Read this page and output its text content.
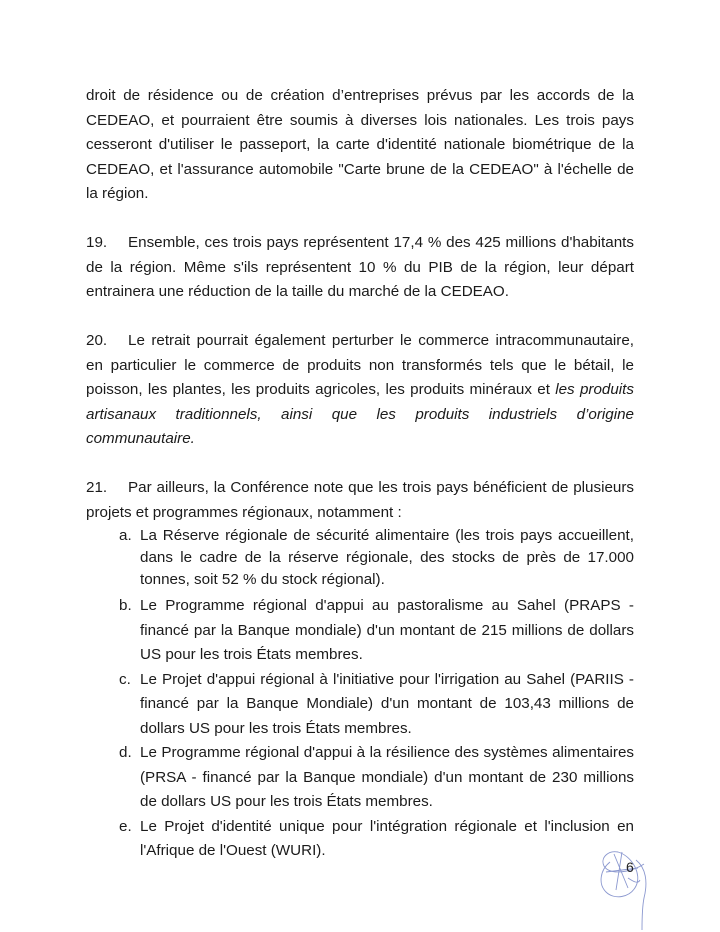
droit de résidence ou de création d’entreprises prévus par les accords de la CEDEAO, et pourraient être soumis à diverses lois nationales. Les trois pays cesseront d'utiliser le passeport, la carte d'identité nationale biométrique de la CEDEAO, et l'assurance automobile "Carte brune de la CEDEAO" à l'échelle de la région.

19. Ensemble, ces trois pays représentent 17,4 % des 425 millions d'habitants de la région. Même s'ils représentent 10 % du PIB de la région, leur départ entrainera une réduction de la taille du marché de la CEDEAO.

20. Le retrait pourrait également perturber le commerce intracommunautaire, en particulier le commerce de produits non transformés tels que le bétail, le poisson, les plantes, les produits agricoles, les produits minéraux et les produits artisanaux traditionnels, ainsi que les produits industriels d’origine communautaire.

21. Par ailleurs, la Conférence note que les trois pays bénéficient de plusieurs projets et programmes régionaux, notamment :

a. La Réserve régionale de sécurité alimentaire (les trois pays accueillent, dans le cadre de la réserve régionale, des stocks de près de 17.000 tonnes, soit 52 % du stock régional).
b. Le Programme régional d'appui au pastoralisme au Sahel (PRAPS - financé par la Banque mondiale) d'un montant de 215 millions de dollars US pour les trois États membres.
c. Le Projet d'appui régional à l'initiative pour l'irrigation au Sahel (PARIIS - financé par la Banque Mondiale) d'un montant de 103,43 millions de dollars US pour les trois États membres.
d. Le Programme régional d'appui à la résilience des systèmes alimentaires (PRSA - financé par la Banque mondiale) d'un montant de 230 millions de dollars US pour les trois États membres.
e. Le Projet d'identité unique pour l'intégration régionale et l'inclusion en l'Afrique de l'Ouest (WURI).
6
